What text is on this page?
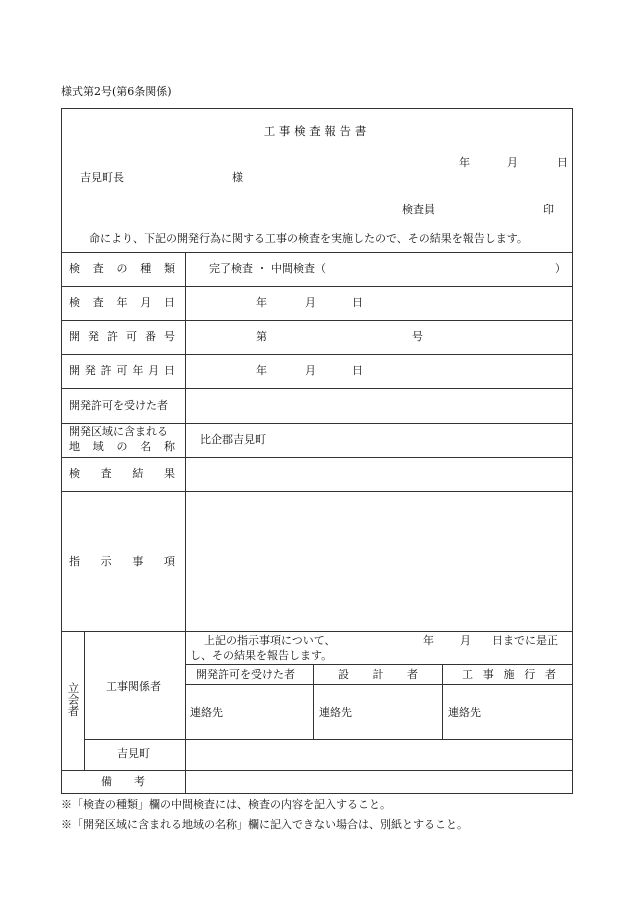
様式第2号(第6条関係)
工 事 検 査 報 告 書
年	月	日
吉見町長	様
検査員	印
命により、下記の開発行為に関する工事の検査を実施したので、その結果を報告します。
検 査 の 種 類	完了検査 ・ 中間検査（	）
検 査 年 月 日	年	月	日
開 発 許 可 番 号	第	号
開 発 許 可 年 月 日	年	月	日
開発許可を受けた者
開発区域に含まれる
地 域 の 名 称
比企郡吉見町
検 査 結 果
指 示 事 項
立会者 工事関係者
上記の指示事項について、	年 月 日までに是正
し、その結果を報告します。
開発許可を受けた者	設 計 者	工 事 施 行 者
連絡先	連絡先	連絡先
吉見町
備 考
※「検査の種類」欄の中間検査には、検査の内容を記入すること。
※「開発区域に含まれる地域の名称」欄に記入できない場合は、別紙とすること。
